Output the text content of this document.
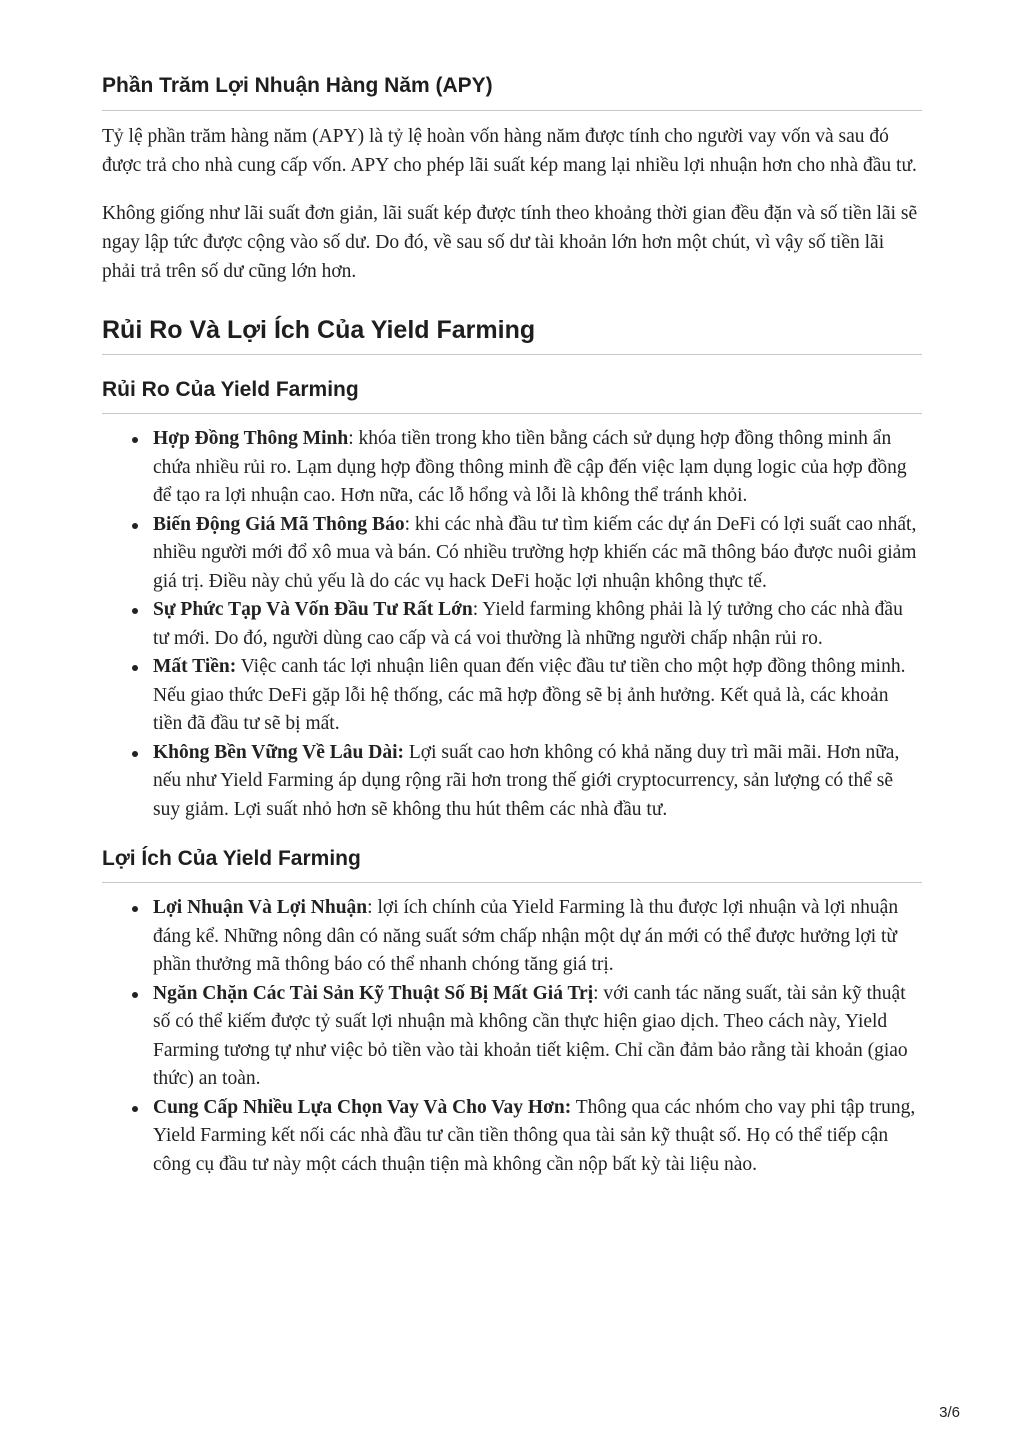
Phần Trăm Lợi Nhuận Hàng Năm (APY)

Tỷ lệ phần trăm hàng năm (APY) là tỷ lệ hoàn vốn hàng năm được tính cho người vay vốn và sau đó được trả cho nhà cung cấp vốn. APY cho phép lãi suất kép mang lại nhiều lợi nhuận hơn cho nhà đầu tư.

Không giống như lãi suất đơn giản, lãi suất kép được tính theo khoảng thời gian đều đặn và số tiền lãi sẽ ngay lập tức được cộng vào số dư. Do đó, về sau số dư tài khoản lớn hơn một chút, vì vậy số tiền lãi phải trả trên số dư cũng lớn hơn.

Rủi Ro Và Lợi Ích Của Yield Farming
Rủi Ro Của Yield Farming
Hợp Đồng Thông Minh: khóa tiền trong kho tiền bằng cách sử dụng hợp đồng thông minh ẩn chứa nhiều rủi ro. Lạm dụng hợp đồng thông minh đề cập đến việc lạm dụng logic của hợp đồng để tạo ra lợi nhuận cao. Hơn nữa, các lỗ hổng và lỗi là không thể tránh khỏi.
Biến Động Giá Mã Thông Báo: khi các nhà đầu tư tìm kiếm các dự án DeFi có lợi suất cao nhất, nhiều người mới đổ xô mua và bán. Có nhiều trường hợp khiến các mã thông báo được nuôi giảm giá trị. Điều này chủ yếu là do các vụ hack DeFi hoặc lợi nhuận không thực tế.
Sự Phức Tạp Và Vốn Đầu Tư Rất Lớn: Yield farming không phải là lý tưởng cho các nhà đầu tư mới. Do đó, người dùng cao cấp và cá voi thường là những người chấp nhận rủi ro.
Mất Tiền: Việc canh tác lợi nhuận liên quan đến việc đầu tư tiền cho một hợp đồng thông minh. Nếu giao thức DeFi gặp lỗi hệ thống, các mã hợp đồng sẽ bị ảnh hưởng. Kết quả là, các khoản tiền đã đầu tư sẽ bị mất.
Không Bền Vững Về Lâu Dài: Lợi suất cao hơn không có khả năng duy trì mãi mãi. Hơn nữa, nếu như Yield Farming áp dụng rộng rãi hơn trong thế giới cryptocurrency, sản lượng có thể sẽ suy giảm. Lợi suất nhỏ hơn sẽ không thu hút thêm các nhà đầu tư.
Lợi Ích Của Yield Farming
Lợi Nhuận Và Lợi Nhuận: lợi ích chính của Yield Farming là thu được lợi nhuận và lợi nhuận đáng kể. Những nông dân có năng suất sớm chấp nhận một dự án mới có thể được hưởng lợi từ phần thưởng mã thông báo có thể nhanh chóng tăng giá trị.
Ngăn Chặn Các Tài Sản Kỹ Thuật Số Bị Mất Giá Trị: với canh tác năng suất, tài sản kỹ thuật số có thể kiếm được tỷ suất lợi nhuận mà không cần thực hiện giao dịch. Theo cách này, Yield Farming tương tự như việc bỏ tiền vào tài khoản tiết kiệm. Chỉ cần đảm bảo rằng tài khoản (giao thức) an toàn.
Cung Cấp Nhiều Lựa Chọn Vay Và Cho Vay Hơn: Thông qua các nhóm cho vay phi tập trung, Yield Farming kết nối các nhà đầu tư cần tiền thông qua tài sản kỹ thuật số. Họ có thể tiếp cận công cụ đầu tư này một cách thuận tiện mà không cần nộp bất kỳ tài liệu nào.
3/6
